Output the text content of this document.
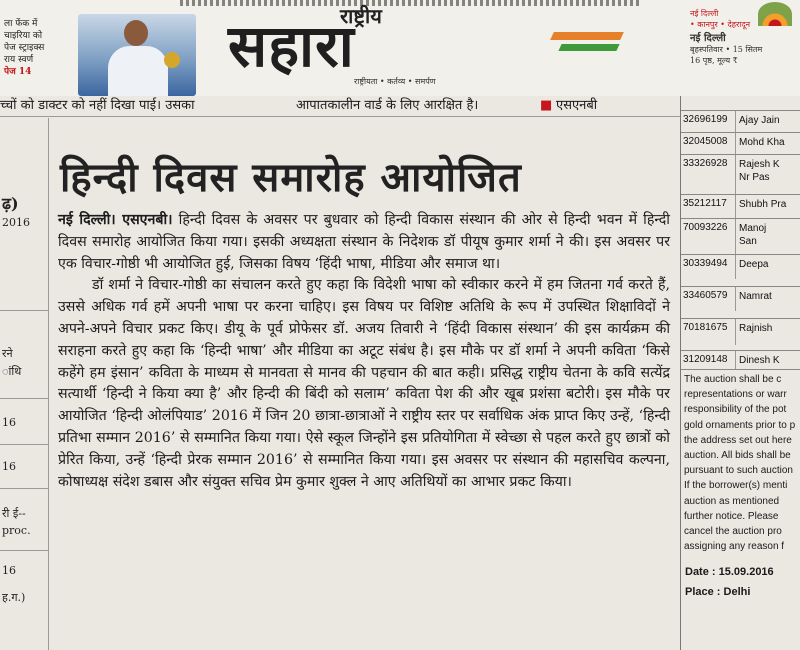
ला फेंक में
चाइरिया को
पेज स्ट्राइक्स
राय स्वर्ण
पेज 14
राष्ट्रीय
सहारा
राष्ट्रीयता • कर्तव्य • समर्पण
नई दिल्ली
• कानपुर • देहरादून
नई दिल्ली
बृहस्पतिवार • 15 सितम
16 पृष्ठ, मूल्य ₹
च्चों को डाक्टर को नहीं दिखा पाई। उसका	आपातकालीन वार्ड के लिए आरक्षित है।	■ एसएनबी
ढ़)
2016
रने
ांथि
16
16
री ई--
proc.
16
ह.ग.)
हिन्दी दिवस समारोह आयोजित

नई दिल्ली। एसएनबी। हिन्दी दिवस के अवसर पर बुधवार को हिन्दी विकास संस्थान की ओर से हिन्दी भवन में हिन्दी दिवस समारोह आयोजित किया गया। इसकी अध्यक्षता संस्थान के निदेशक डॉ पीयूष कुमार शर्मा ने की। इस अवसर पर एक विचार-गोष्ठी भी आयोजित हुई, जिसका विषय ‘हिंदी भाषा, मीडिया और समाज था।

डॉ शर्मा ने विचार-गोष्ठी का संचालन करते हुए कहा कि विदेशी भाषा को स्वीकार करने में हम जितना गर्व करते हैं, उससे अधिक गर्व हमें अपनी भाषा पर करना चाहिए। इस विषय पर विशिष्ट अतिथि के रूप में उपस्थित शिक्षाविदों ने अपने-अपने विचार प्रकट किए। डीयू के पूर्व प्रोफेसर डॉ. अजय तिवारी ने ‘हिंदी विकास संस्थान’ की इस कार्यक्रम की सराहना करते हुए कहा कि ‘हिन्दी भाषा’ और मीडिया का अटूट संबंध है। इस मौके पर डॉ शर्मा ने अपनी कविता ‘किसे कहेंगे हम इंसान’ कविता के माध्यम से मानवता से मानव की पहचान की बात कही। प्रसिद्ध राष्ट्रीय चेतना के कवि सत्येंद्र सत्यार्थी ‘हिन्दी ने किया क्या है’ और हिन्दी की बिंदी को सलाम’ कविता पेश की और खूब प्रशंसा बटोरी। इस मौके पर आयोजित ‘हिन्दी ओलंपियाड’ 2016 में जिन 20 छात्रा-छात्राओं ने राष्ट्रीय स्तर पर सर्वाधिक अंक प्राप्त किए उन्हें, ‘हिन्दी प्रतिभा सम्मान 2016’ से सम्मानित किया गया। ऐसे स्कूल जिन्होंने इस प्रतियोगिता में स्वेच्छा से पहल करते हुए छात्रों को प्रेरित किया, उन्हें ‘हिन्दी प्रेरक सम्मान 2016’ से सम्मानित किया गया। इस अवसर पर संस्थान की महासचिव कल्पना, कोषाध्यक्ष संदेश डबास और संयुक्त सचिव प्रेम कुमार शुक्ल ने आए अतिथियों का आभार प्रकट किया।

32696199 Ajay Jain
32045008 Mohd Kha
33326928 Rajesh K
Nr Pas
35212117 Shubh Pra
70093226 Manoj
San
30339494 Deepa
33460579 Namrat
70181675 Rajnish
31209148 Dinesh K
The auction shall be c
representations or warr
responsibility of the pot
gold ornaments prior to p
the address set out here
auction. All bids shall be
pursuant to such auction
If the borrower(s) menti
auction as mentioned
further notice. Please
cancel the auction pro
assigning any reason f
Date : 15.09.2016
Place : Delhi
